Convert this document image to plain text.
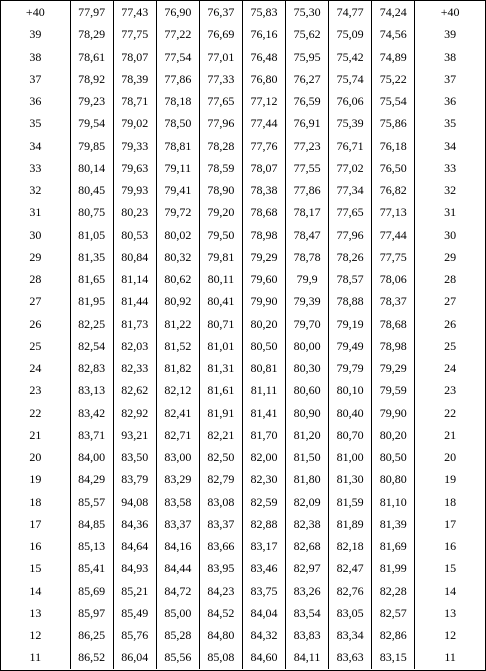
+40	77,97	77,43	76,90	76,37	75,83	75,30	74,77	74,24	+40
39	78,29	77,75	77,22	76,69	76,16	75,62	75,09	74,56	39
38	78,61	78,07	77,54	77,01	76,48	75,95	75,42	74,89	38
37	78,92	78,39	77,86	77,33	76,80	76,27	75,74	75,22	37
36	79,23	78,71	78,18	77,65	77,12	76,59	76,06	75,54	36
35	79,54	79,02	78,50	77,96	77,44	76,91	75,39	75,86	35
34	79,85	79,33	78,81	78,28	77,76	77,23	76,71	76,18	34
33	80,14	79,63	79,11	78,59	78,07	77,55	77,02	76,50	33
32	80,45	79,93	79,41	78,90	78,38	77,86	77,34	76,82	32
31	80,75	80,23	79,72	79,20	78,68	78,17	77,65	77,13	31
30	81,05	80,53	80,02	79,50	78,98	78,47	77,96	77,44	30
29	81,35	80,84	80,32	79,81	79,29	78,78	78,26	77,75	29
28	81,65	81,14	80,62	80,11	79,60	79,9	78,57	78,06	28
27	81,95	81,44	80,92	80,41	79,90	79,39	78,88	78,37	27
26	82,25	81,73	81,22	80,71	80,20	79,70	79,19	78,68	26
25	82,54	82,03	81,52	81,01	80,50	80,00	79,49	78,98	25
24	82,83	82,33	81,82	81,31	80,81	80,30	79,79	79,29	24
23	83,13	82,62	82,12	81,61	81,11	80,60	80,10	79,59	23
22	83,42	82,92	82,41	81,91	81,41	80,90	80,40	79,90	22
21	83,71	93,21	82,71	82,21	81,70	81,20	80,70	80,20	21
20	84,00	83,50	83,00	82,50	82,00	81,50	81,00	80,50	20
19	84,29	83,79	83,29	82,79	82,30	81,80	81,30	80,80	19
18	85,57	94,08	83,58	83,08	82,59	82,09	81,59	81,10	18
17	84,85	84,36	83,37	83,37	82,88	82,38	81,89	81,39	17
16	85,13	84,64	84,16	83,66	83,17	82,68	82,18	81,69	16
15	85,41	84,93	84,44	83,95	83,46	82,97	82,47	81,99	15
14	85,69	85,21	84,72	84,23	83,75	83,26	82,76	82,28	14
13	85,97	85,49	85,00	84,52	84,04	83,54	83,05	82,57	13
12	86,25	85,76	85,28	84,80	84,32	83,83	83,34	82,86	12
11	86,52	86,04	85,56	85,08	84,60	84,11	83,63	83,15	11
